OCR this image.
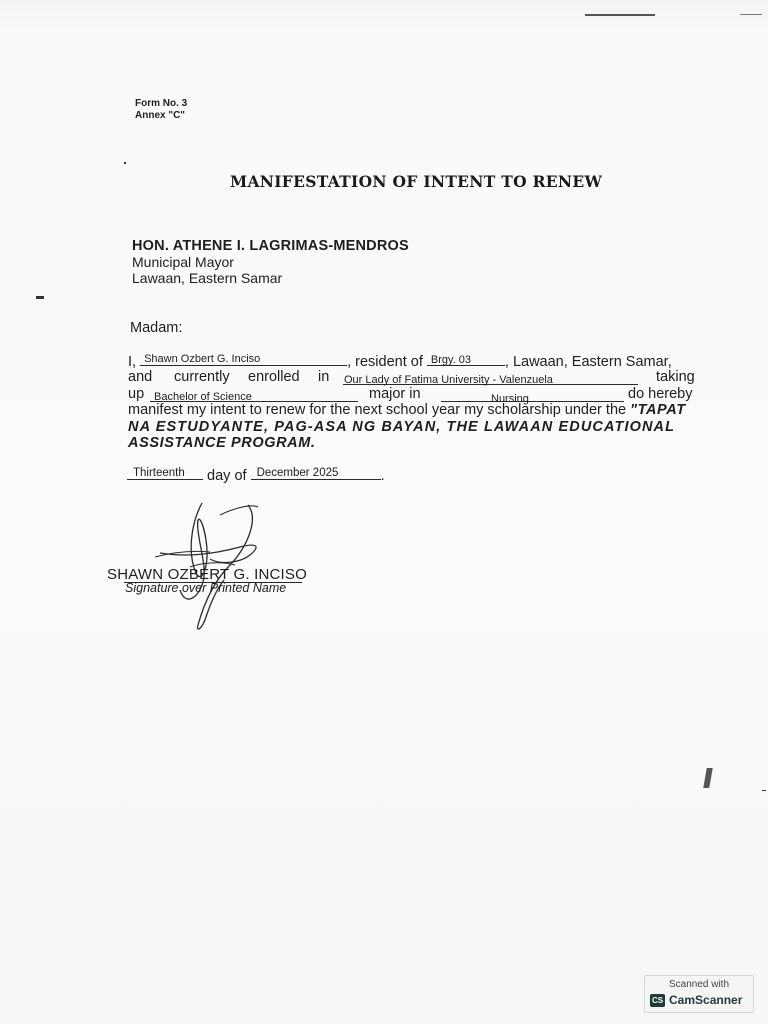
Form No. 3
Annex "C"
MANIFESTATION OF INTENT TO RENEW
HON. ATHENE I. LAGRIMAS-MENDROS
Municipal Mayor
Lawaan, Eastern Samar
Madam:
I, Shawn Ozbert G. Inciso	, resident of Brgy. 03 , Lawaan, Eastern Samar,
and currently enrolled in Our Lady of Fatima University - Valenzuela	taking
up Bachelor of Science	major in	Nursing	do hereby
manifest my intent to renew for the next school year my scholarship under the "TAPAT
NA ESTUDYANTE, PAG-ASA NG BAYAN, THE LAWAAN EDUCATIONAL
ASSISTANCE PROGRAM.
Thirteenth day of December 2025	.
SHAWN OZBERT G. INCISO
Signature over Printed Name
Scanned with
CS CamScanner
